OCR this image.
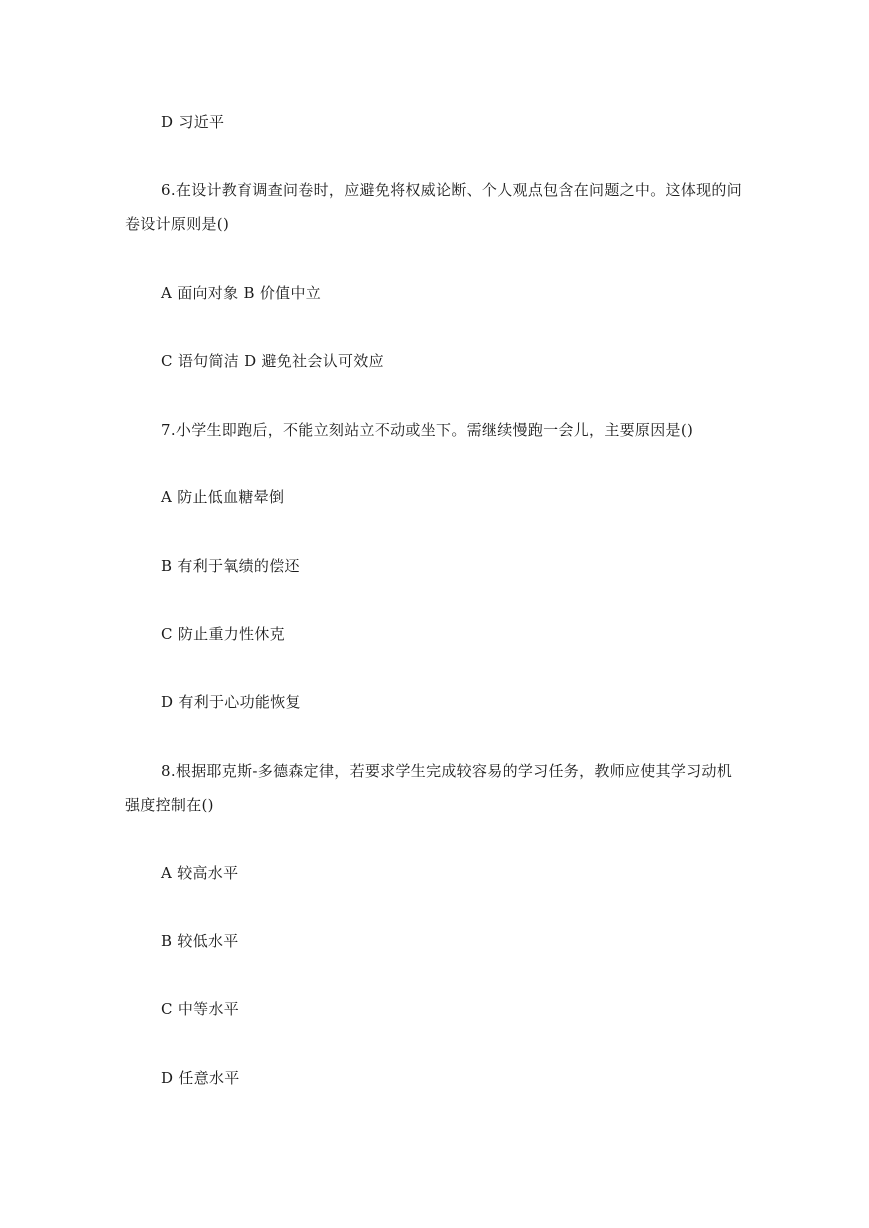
D 习近平
6.在设计教育调查问卷时，应避免将权威论断、个人观点包含在问题之中。这体现的问
卷设计原则是()
A 面向对象 B 价值中立
C 语句简洁 D 避免社会认可效应
7.小学生即跑后，不能立刻站立不动或坐下。需继续慢跑一会儿，主要原因是()
A 防止低血糖晕倒
B 有利于氧绩的偿还
C 防止重力性休克
D 有利于心功能恢复
8.根据耶克斯-多德森定律，若要求学生完成较容易的学习任务，教师应使其学习动机
强度控制在()
A 较高水平
B 较低水平
C 中等水平
D 任意水平
